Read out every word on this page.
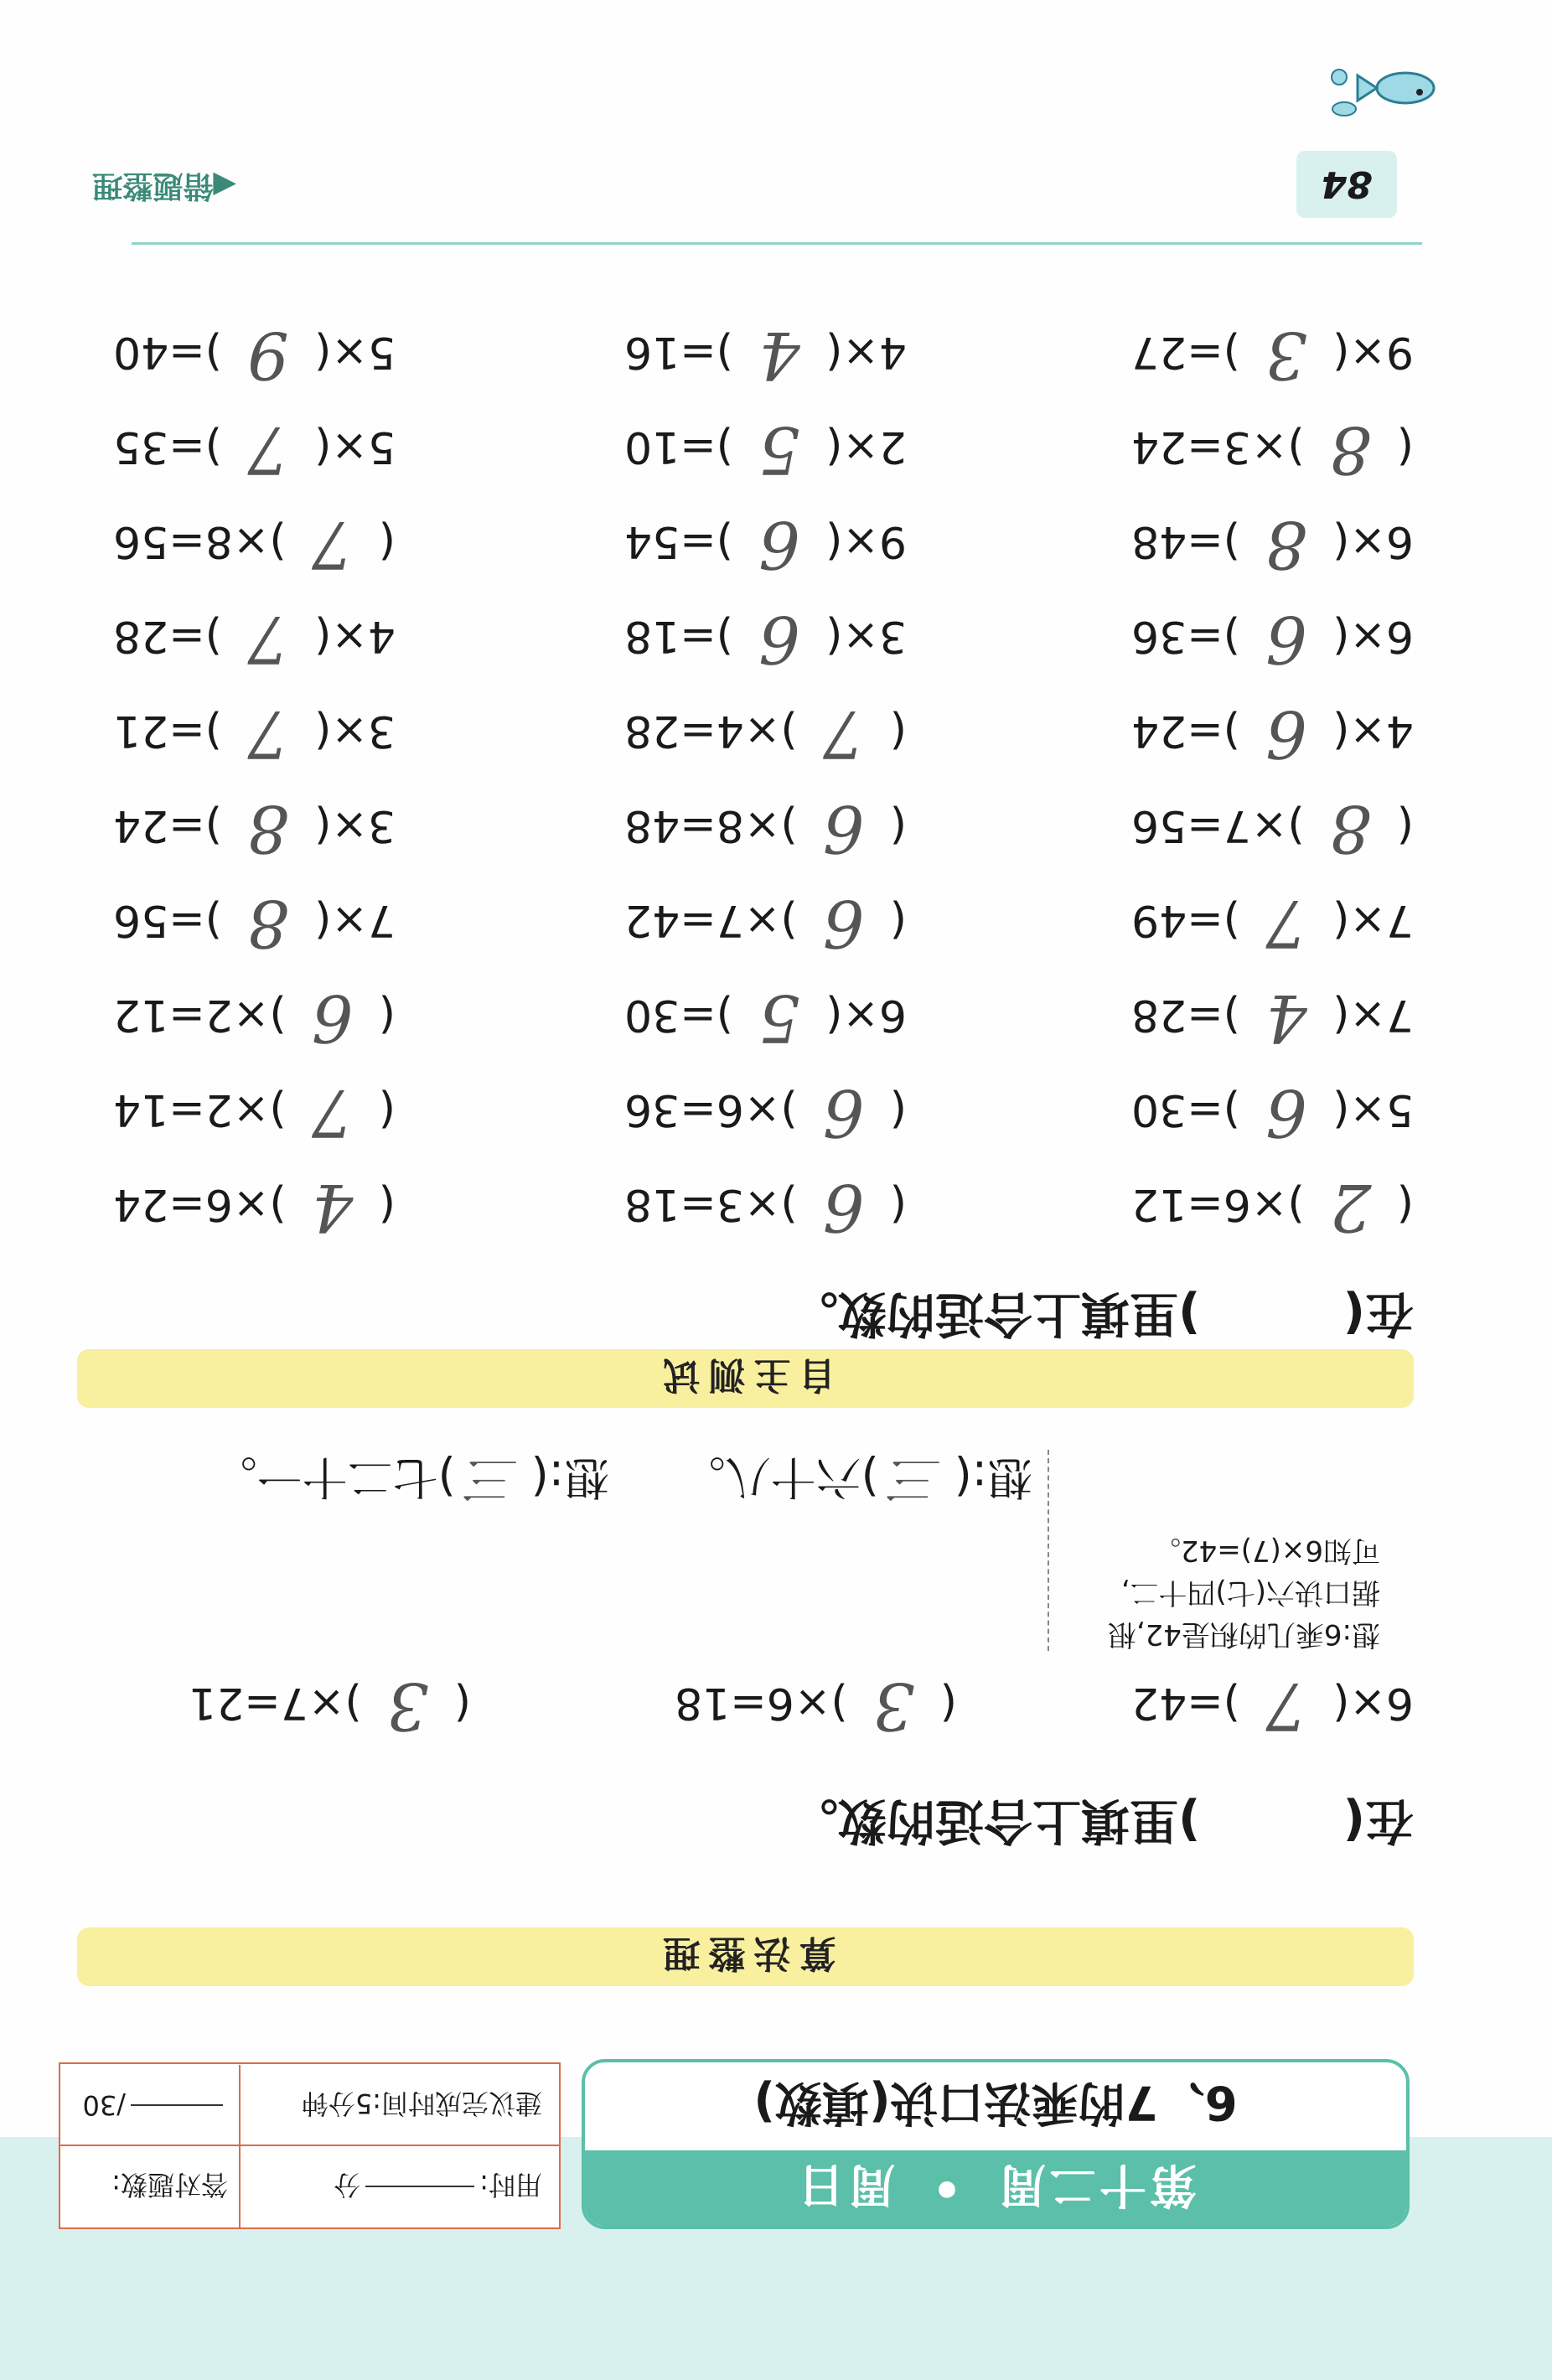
第十二周
•
周日
6、7的乘法口诀(填数)
用时:
分
答对题数:
建议完成时间:5分钟
/30
算法整理
在()里填上合适的数。
6×(7)=42
(3)×6=18
(3)×7=21
想:6乘几的积是42,根
据口诀六(七)四十二,
可知6×(7)=42。
想:(三)六十八。
想:(三)七二十一。
自主测试
在()里填上合适的数。
(2)×6=12
5×(6)=30
7×(4)=28
7×(7)=49
(8)×7=56
4×(6)=24
6×(6)=36
6×(8)=48
(8)×3=24
9×(3)=27
(6)×3=18
(6)×6=36
6×(5)=30
(6)×7=42
(6)×8=48
(7)×4=28
3×(6)=18
9×(6)=54
2×(5)=10
4×(4)=16
(4)×6=24
(7)×2=14
(6)×2=12
7×(8)=56
3×(8)=24
3×(7)=21
4×(7)=28
(7)×8=56
5×(7)=35
5×(9)=40
84
◀错题整理
